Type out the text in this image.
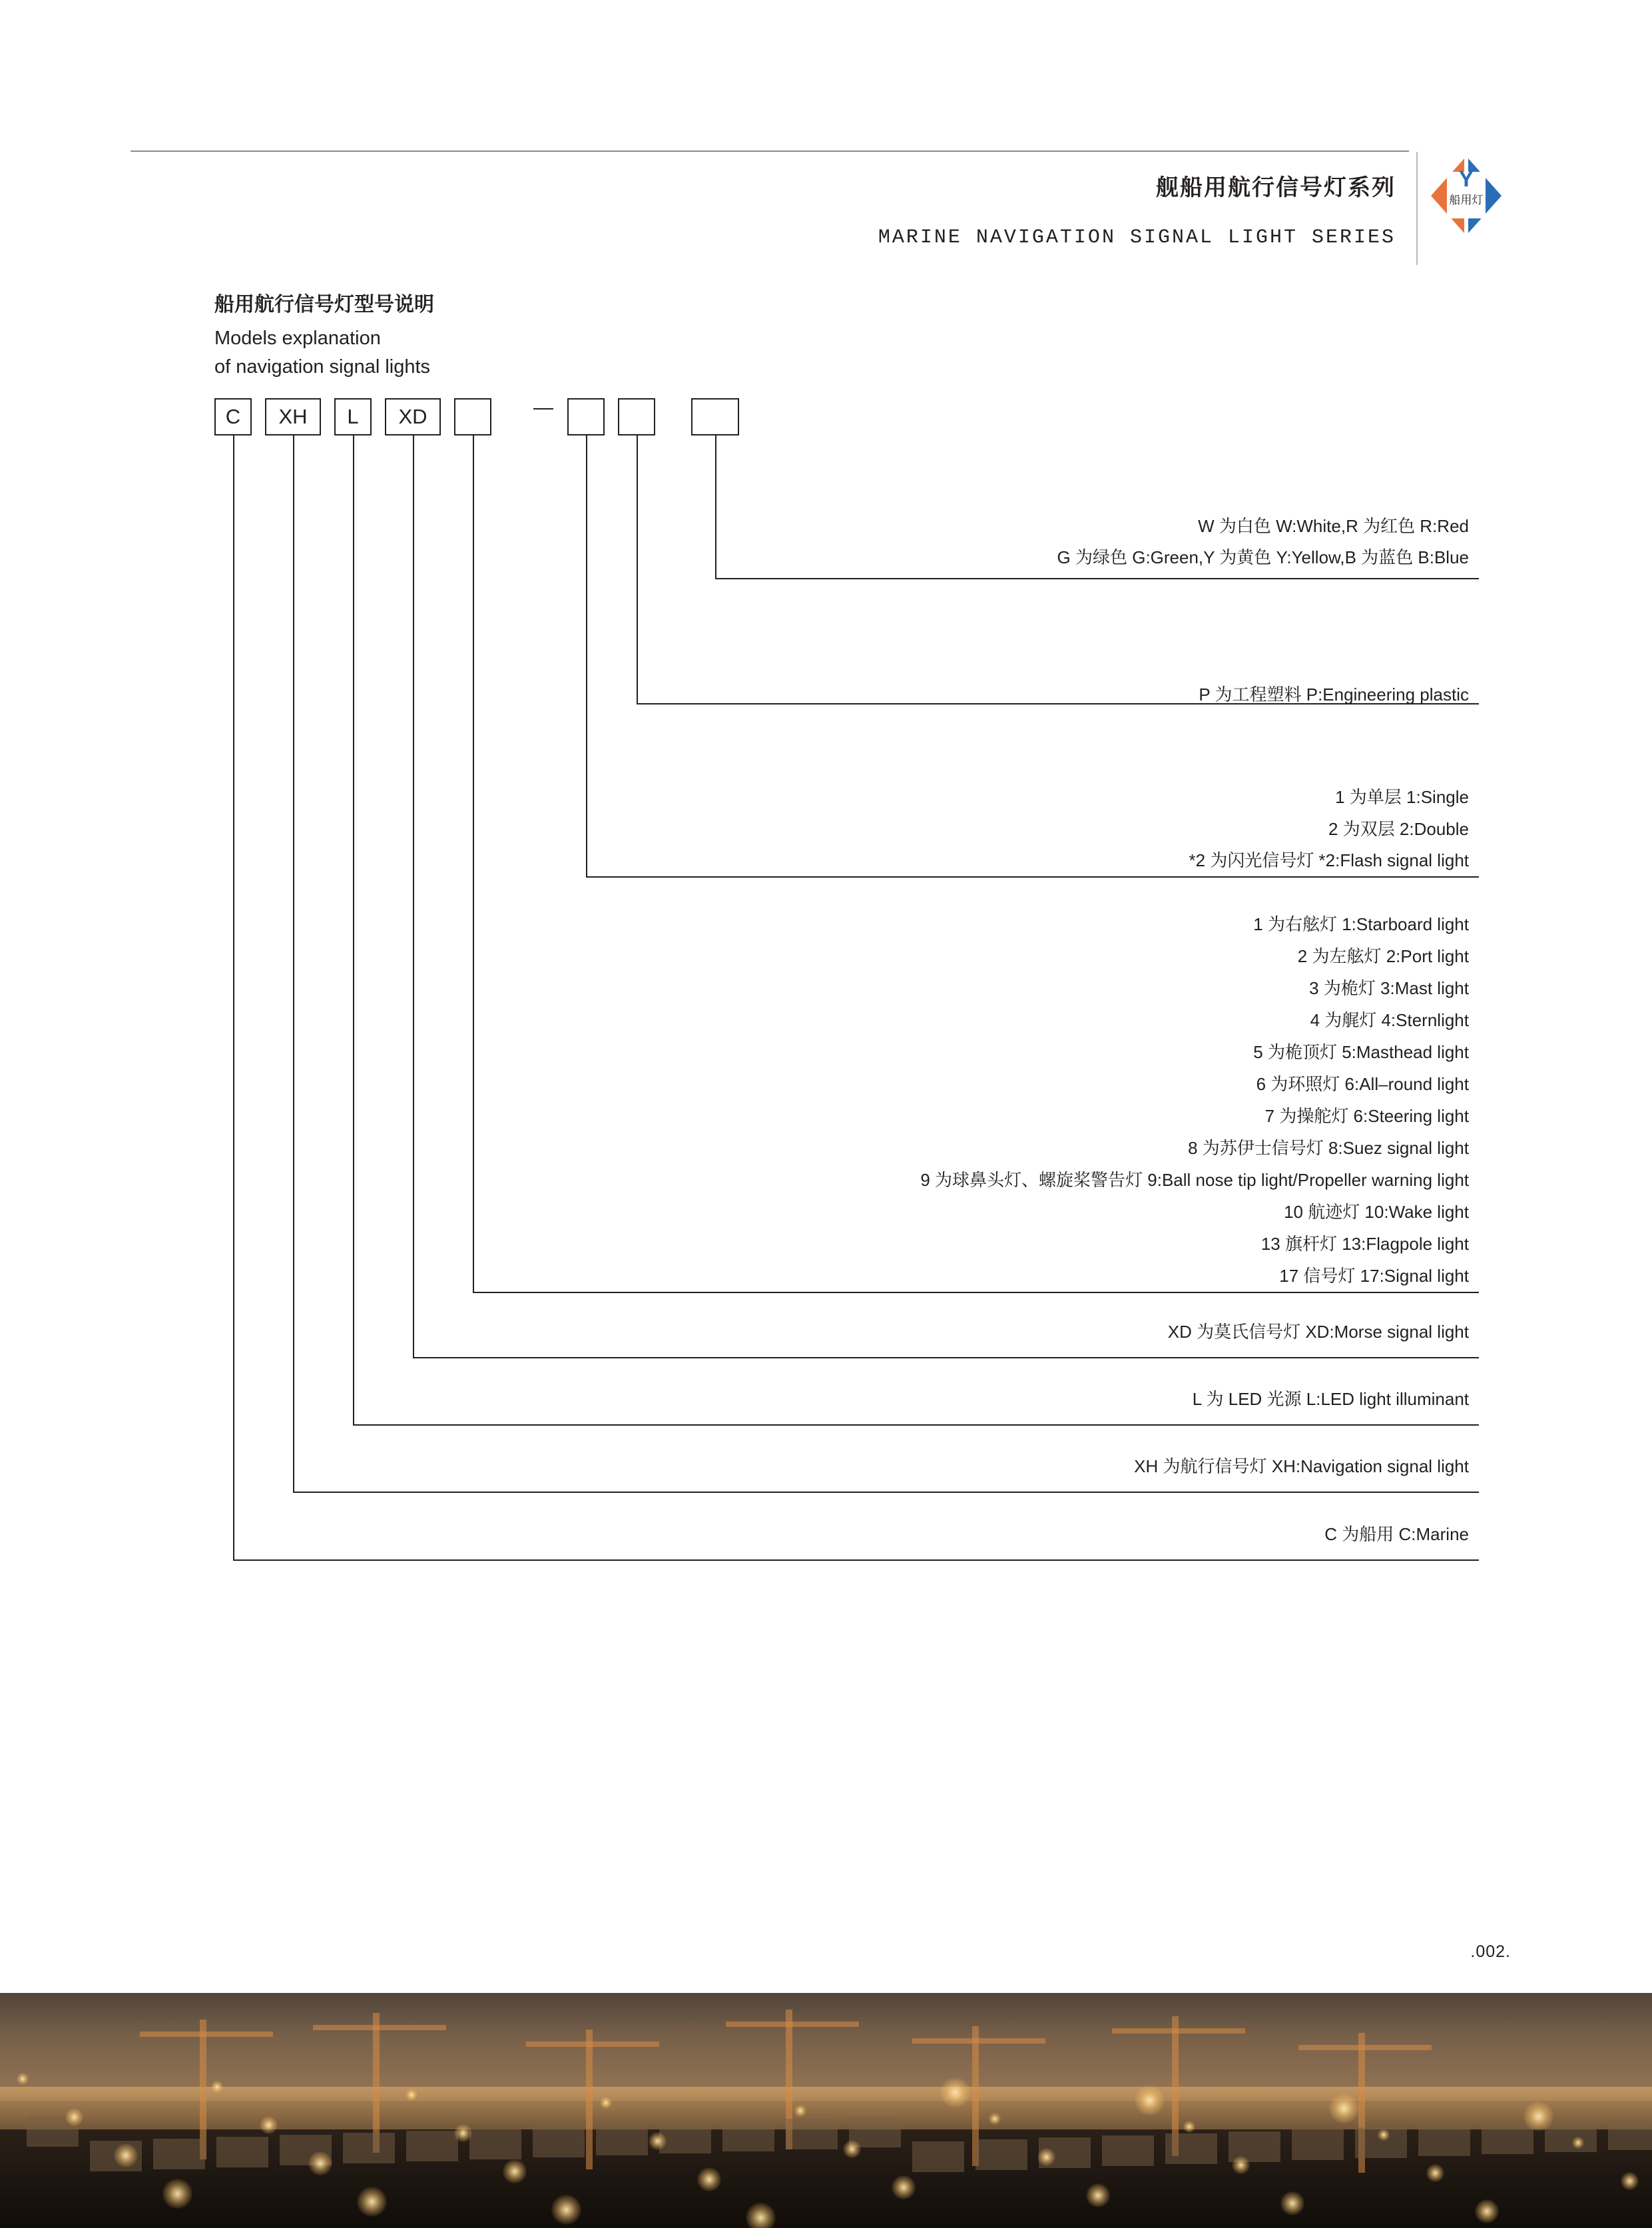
舰船用航行信号灯系列
MARINE NAVIGATION SIGNAL LIGHT SERIES
Y
船用灯
船用航行信号灯型号说明
Models explanation
of navigation signal lights
C	XH	L	XD
W 为白色 W:White,R 为红色 R:Red
G 为绿色 G:Green,Y 为黄色 Y:Yellow,B 为蓝色 B:Blue
P 为工程塑料 P:Engineering plastic
1 为单层 1:Single
2 为双层 2:Double
*2 为闪光信号灯 *2:Flash signal light
1 为右舷灯 1:Starboard light
2 为左舷灯 2:Port light
3 为桅灯 3:Mast light
4 为艉灯 4:Sternlight
5 为桅顶灯 5:Masthead light
6 为环照灯 6:All–round light
7 为操舵灯 6:Steering light
8 为苏伊士信号灯 8:Suez signal light
9 为球鼻头灯、螺旋桨警告灯 9:Ball nose tip light/Propeller warning light
10 航迹灯 10:Wake light
13 旗杆灯 13:Flagpole light
17 信号灯 17:Signal light
XD 为莫氏信号灯 XD:Morse signal light
L 为 LED 光源 L:LED light illuminant
XH 为航行信号灯 XH:Navigation signal light
C 为船用 C:Marine
.002.
